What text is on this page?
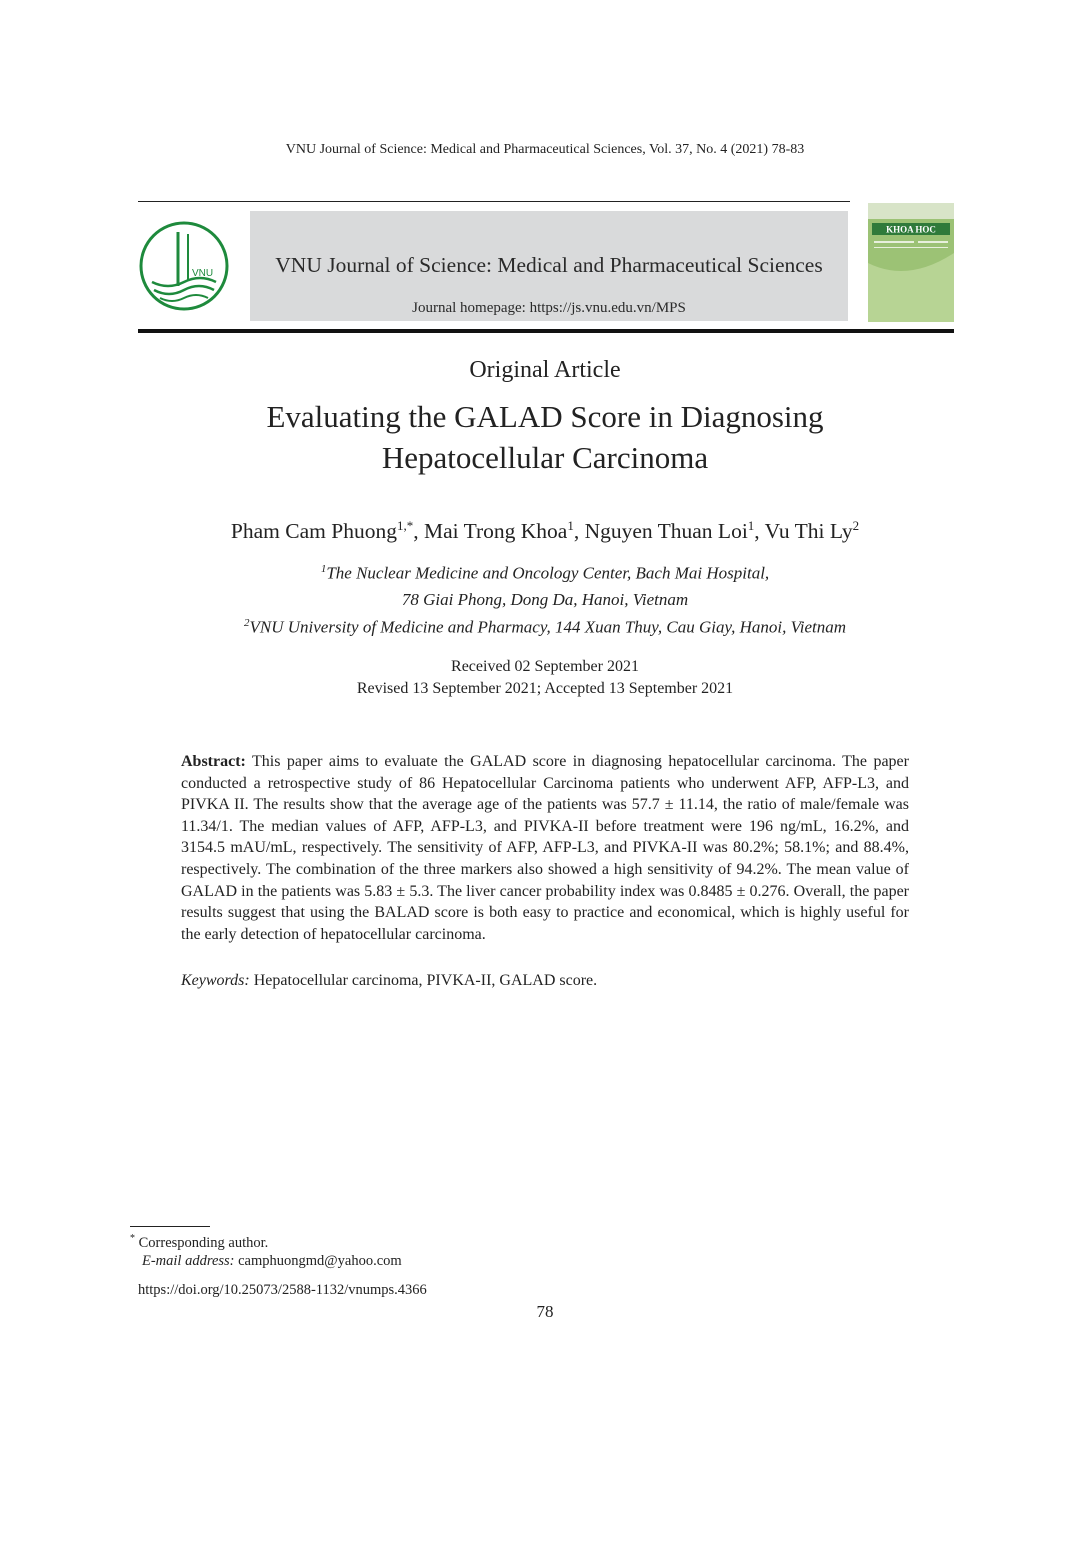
VNU Journal of Science: Medical and Pharmaceutical Sciences, Vol. 37, No. 4 (2021) 78-83
VNU	VNU Journal of Science: Medical and Pharmaceutical Sciences
Journal homepage: https://js.vnu.edu.vn/MPS
KHOA HOC
Original Article
Evaluating the GALAD Score in Diagnosing
Hepatocellular Carcinoma
Pham Cam Phuong$^{1,*}$, Mai Trong Khoa$^1$, Nguyen Thuan Loi$^1$, Vu Thi Ly$^2$
$^1$The Nuclear Medicine and Oncology Center, Bach Mai Hospital,
78 Giai Phong, Dong Da, Hanoi, Vietnam
$^2$VNU University of Medicine and Pharmacy, 144 Xuan Thuy, Cau Giay, Hanoi, Vietnam
Received 02 September 2021
Revised 13 September 2021; Accepted 13 September 2021
Abstract: This paper aims to evaluate the GALAD score in diagnosing hepatocellular carcinoma. The paper conducted a retrospective study of 86 Hepatocellular Carcinoma patients who underwent AFP, AFP-L3, and PIVKA II. The results show that the average age of the patients was 57.7 ± 11.14, the ratio of male/female was 11.34/1. The median values of AFP, AFP-L3, and PIVKA-II before treatment were 196 ng/mL, 16.2%, and 3154.5 mAU/mL, respectively. The sensitivity of AFP, AFP-L3, and PIVKA-II was 80.2%; 58.1%; and 88.4%, respectively. The combination of the three markers also showed a high sensitivity of 94.2%. The mean value of GALAD in the patients was 5.83 ± 5.3. The liver cancer probability index was 0.8485 ± 0.276. Overall, the paper results suggest that using the BALAD score is both easy to practice and economical, which is highly useful for the early detection of hepatocellular carcinoma.
Keywords: Hepatocellular carcinoma, PIVKA-II, GALAD score.
* Corresponding author.
E-mail address: camphuongmd@yahoo.com
https://doi.org/10.25073/2588-1132/vnumps.4366
78
